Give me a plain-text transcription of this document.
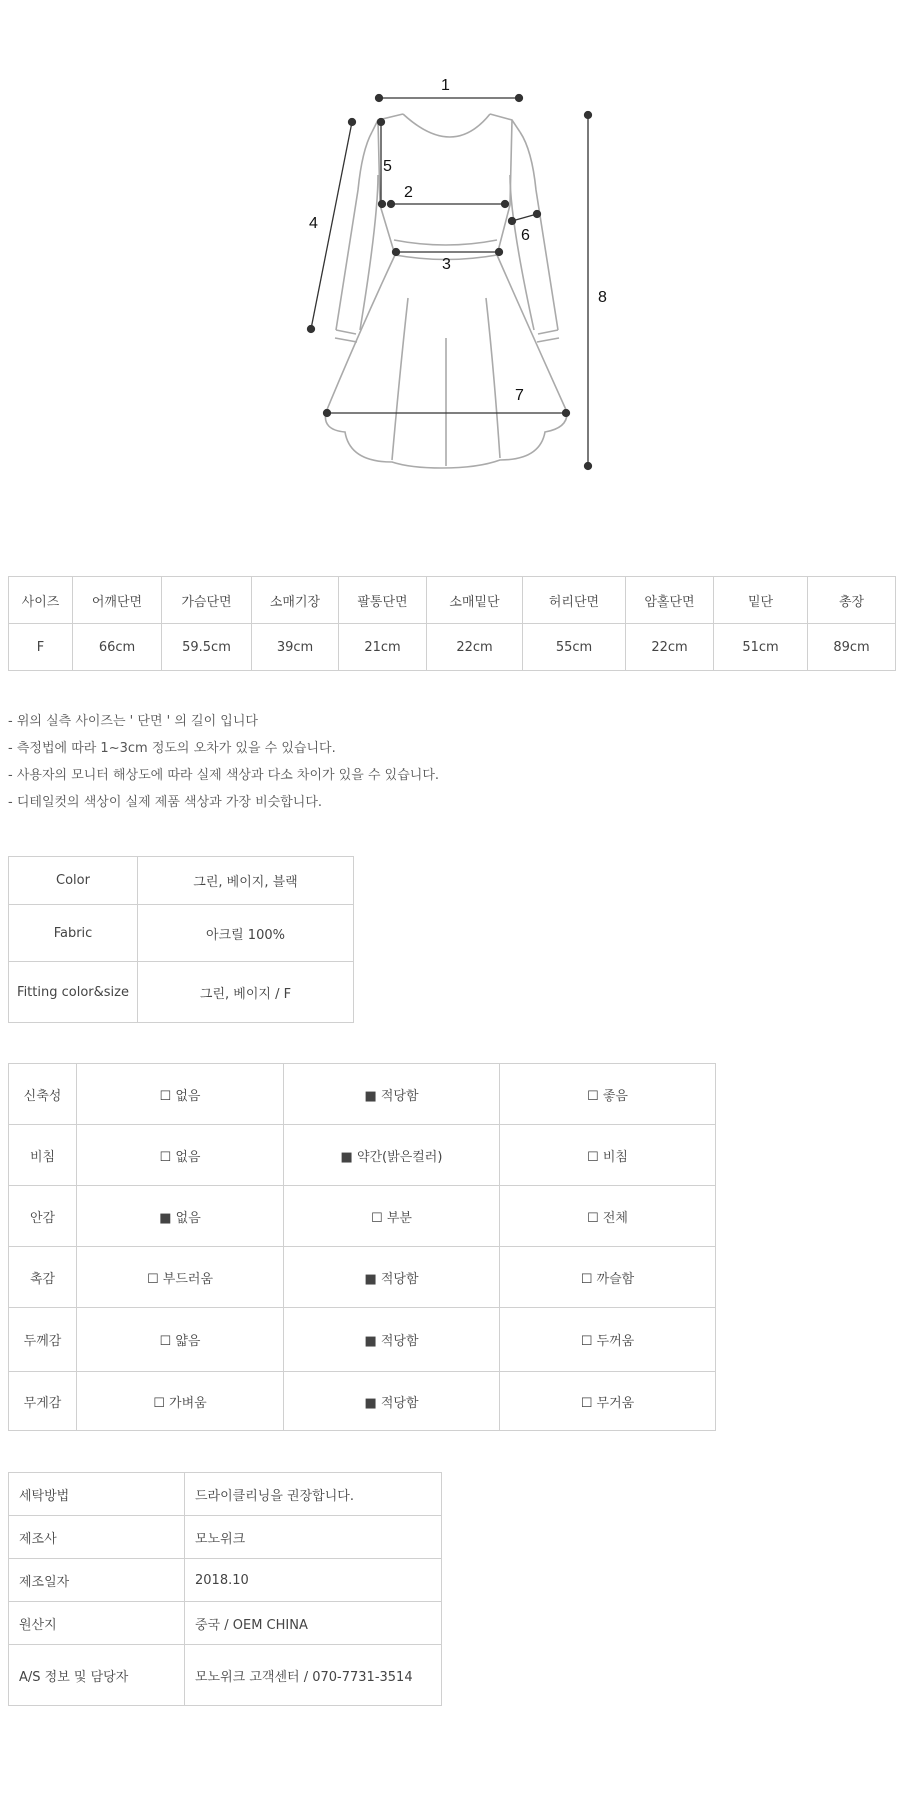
1
2
3
4
5
6
7
8
사이즈	어깨단면	가슴단면	소매기장	팔통단면	소매밑단	허리단면	암홀단면	밑단	총장
F	66cm	59.5cm	39cm	21cm	22cm	55cm	22cm	51cm	89cm
- 위의 실측 사이즈는 ' 단면 ' 의 길이 입니다
- 측정법에 따라 1~3cm 정도의 오차가 있을 수 있습니다.
- 사용자의 모니터 해상도에 따라 실제 색상과 다소 차이가 있을 수 있습니다.
- 디테일컷의 색상이 실제 제품 색상과 가장 비슷합니다.
Color	그린, 베이지, 블랙
Fabric	아크릴 100%
Fitting color&size	그린, 베이지 / F
신축성	☐ 없음	■ 적당함	☐ 좋음
비침	☐ 없음	■ 약간(밝은컬러)	☐ 비침
안감	■ 없음	☐ 부분	☐ 전체
촉감	☐ 부드러움	■ 적당함	☐ 까슬함
두께감	☐ 얇음	■ 적당함	☐ 두꺼움
무게감	☐ 가벼움	■ 적당함	☐ 무거움
세탁방법	드라이클리닝을 권장합니다.
제조사	모노위크
제조일자	2018.10
원산지	중국 / OEM CHINA
A/S 정보 및 담당자	모노위크 고객센터 / 070-7731-3514
